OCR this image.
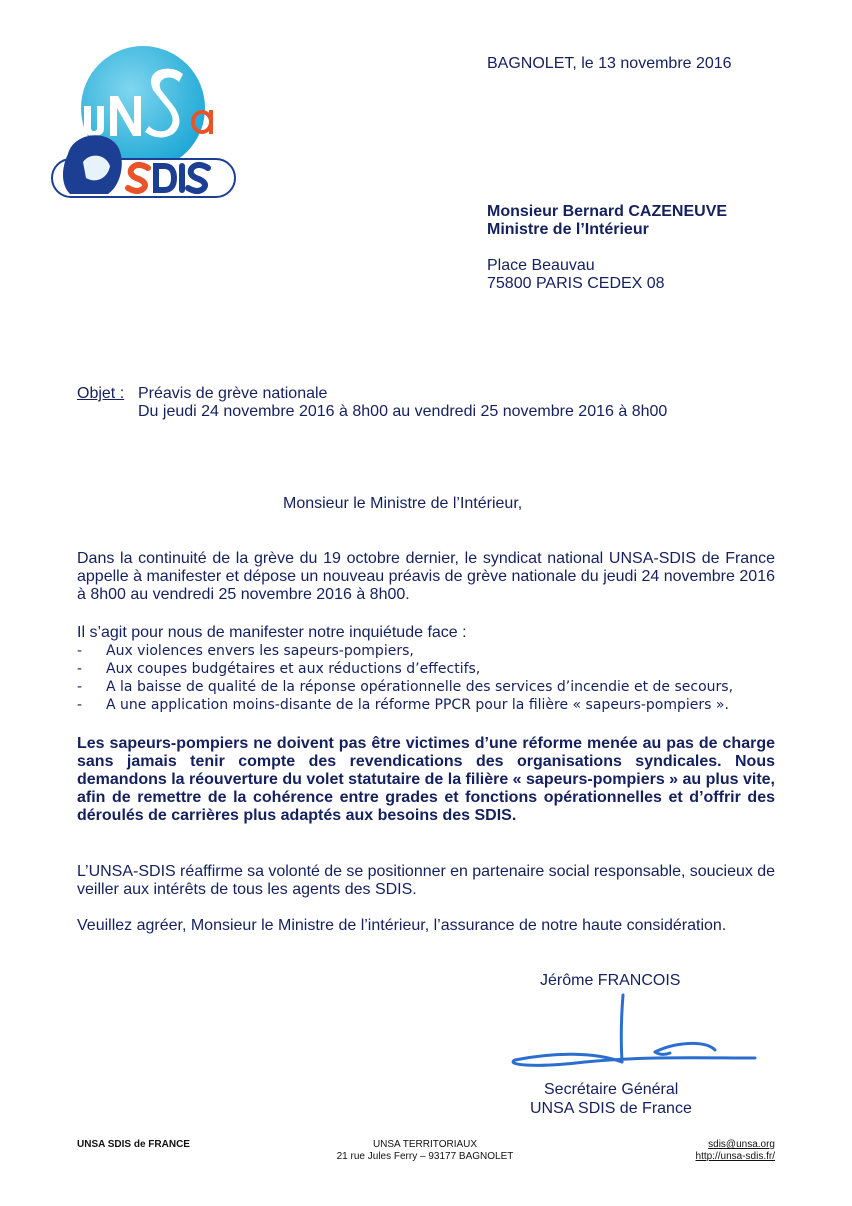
BAGNOLET, le 13 novembre 2016
Monsieur Bernard CAZENEUVE
Ministre de l’Intérieur
Place Beauvau
75800 PARIS CEDEX 08
Objet : Préavis de grève nationale
Du jeudi 24 novembre 2016 à 8h00 au vendredi 25 novembre 2016 à 8h00
Monsieur le Ministre de l’Intérieur,
Dans la continuité de la grève du 19 octobre dernier, le syndicat national UNSA-SDIS de France
appelle à manifester et dépose un nouveau préavis de grève nationale du jeudi 24 novembre 2016
à 8h00 au vendredi 25 novembre 2016 à 8h00.
Il s’agit pour nous de manifester notre inquiétude face :
- Aux violences envers les sapeurs-pompiers,
- Aux coupes budgétaires et aux réductions d’effectifs,
- A la baisse de qualité de la réponse opérationnelle des services d’incendie et de secours,
- A une application moins-disante de la réforme PPCR pour la filière « sapeurs-pompiers ».
Les sapeurs-pompiers ne doivent pas être victimes d’une réforme menée au pas de charge
sans jamais tenir compte des revendications des organisations syndicales. Nous
demandons la réouverture du volet statutaire de la filière « sapeurs-pompiers » au plus vite,
afin de remettre de la cohérence entre grades et fonctions opérationnelles et d’offrir des
déroulés de carrières plus adaptés aux besoins des SDIS.
L’UNSA-SDIS réaffirme sa volonté de se positionner en partenaire social responsable, soucieux de
veiller aux intérêts de tous les agents des SDIS.
Veuillez agréer, Monsieur le Ministre de l’intérieur, l’assurance de notre haute considération.
Jérôme FRANCOIS
Secrétaire Général
UNSA SDIS de France
UNSA SDIS de FRANCE	UNSA TERRITORIAUX
21 rue Jules Ferry – 93177 BAGNOLET
sdis@unsa.org
http://unsa-sdis.fr/
